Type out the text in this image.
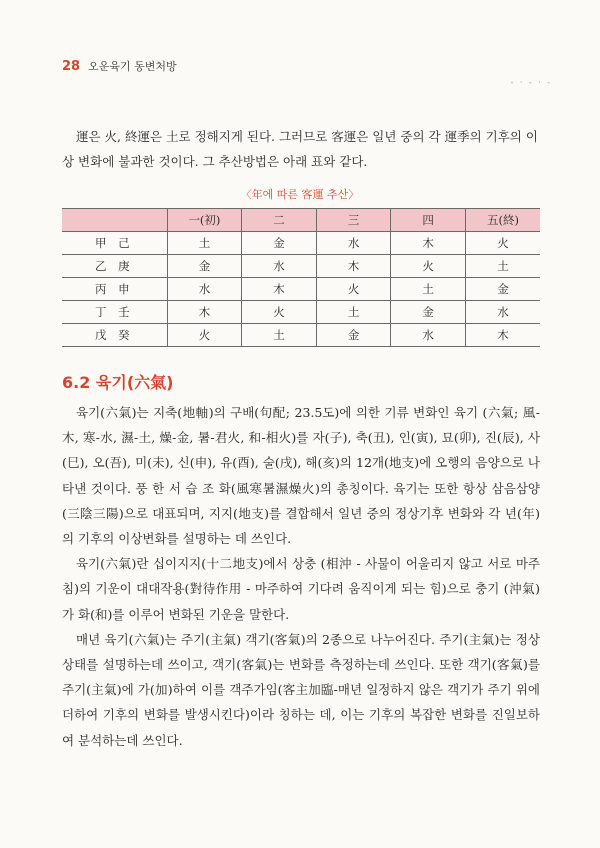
28 오운육기 동변처방
- · - · -

運은 火, 終運은 土로 정해지게 된다. 그러므로 客運은 일년 중의 각 運季의 기후의 이상 변화에 불과한 것이다. 그 추산방법은 아래 표와 같다.

〈年에 따른 客運 추산〉
	一(初)	二	三	四	五(終)
甲 己	土	金	水	木	火
乙 庚	金	水	木	火	土
丙 申	水	木	火	土	金
丁 壬	木	火	土	金	水
戊 癸	火	土	金	水	木
6.2 육기(六氣)

육기(六氣)는 지축(地軸)의 구배(句配; 23.5도)에 의한 기류 변화인 육기 (六氣; 風-木, 寒-水, 濕-土, 燥-金, 暑-君火, 和-相火)를 자(子), 축(丑), 인(寅), 묘(卯), 진(辰), 사(巳), 오(吾), 미(未), 신(申), 유(酉), 술(戌), 해(亥)의 12개(地支)에 오행의 음양으로 나타낸 것이다. 풍 한 서 습 조 화(風寒暑濕燥火)의 총칭이다. 육기는 또한 항상 삼음삼양(三陰三陽)으로 대표되며, 지지(地支)를 결합해서 일년 중의 정상기후 변화와 각 년(年) 의 기후의 이상변화를 설명하는 데 쓰인다.

육기(六氣)란 십이지지(十二地支)에서 상충 (相沖 - 사물이 어울리지 않고 서로 마주침)의 기운이 대대작용(對待作用 - 마주하여 기다려 움직이게 되는 힘)으로 충기 (沖氣)가 화(和)를 이루어 변화된 기운을 말한다.

매년 육기(六氣)는 주기(主氣) 객기(客氣)의 2종으로 나누어진다. 주기(主氣)는 정상 상태를 설명하는데 쓰이고, 객기(客氣)는 변화를 측정하는데 쓰인다. 또한 객기(客氣)를 주기(主氣)에 가(加)하여 이를 객주가임(客主加臨-매년 일정하지 않은 객기가 주기 위에 더하여 기후의 변화를 발생시킨다)이라 칭하는 데, 이는 기후의 복잡한 변화를 진일보하여 분석하는데 쓰인다.
